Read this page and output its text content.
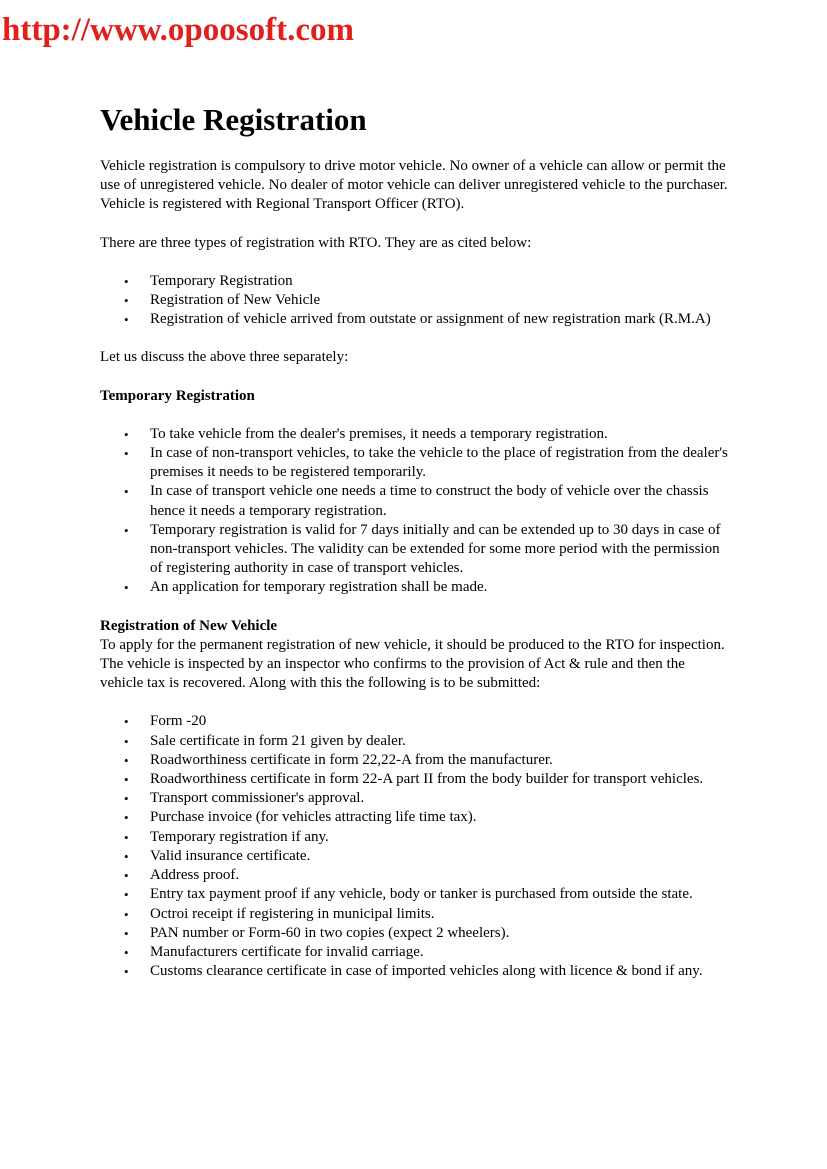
http://www.opoosoft.com
Vehicle Registration

Vehicle registration is compulsory to drive motor vehicle. No owner of a vehicle can allow or permit the use of unregistered vehicle. No dealer of motor vehicle can deliver unregistered vehicle to the purchaser. Vehicle is registered with Regional Transport Officer (RTO).

There are three types of registration with RTO. They are as cited below:

• Temporary Registration
• Registration of New Vehicle
• Registration of vehicle arrived from outstate or assignment of new registration mark (R.M.A)

Let us discuss the above three separately:

Temporary Registration
• To take vehicle from the dealer's premises, it needs a temporary registration.
• In case of non-transport vehicles, to take the vehicle to the place of registration from the dealer's premises it needs to be registered temporarily.
• In case of transport vehicle one needs a time to construct the body of vehicle over the chassis hence it needs a temporary registration.
• Temporary registration is valid for 7 days initially and can be extended up to 30 days in case of non-transport vehicles. The validity can be extended for some more period with the permission of registering authority in case of transport vehicles.
• An application for temporary registration shall be made.
Registration of New Vehicle

To apply for the permanent registration of new vehicle, it should be produced to the RTO for inspection. The vehicle is inspected by an inspector who confirms to the provision of Act & rule and then the vehicle tax is recovered. Along with this the following is to be submitted:

• Form -20
• Sale certificate in form 21 given by dealer.
• Roadworthiness certificate in form 22,22-A from the manufacturer.
• Roadworthiness certificate in form 22-A part II from the body builder for transport vehicles.
• Transport commissioner's approval.
• Purchase invoice (for vehicles attracting life time tax).
• Temporary registration if any.
• Valid insurance certificate.
• Address proof.
• Entry tax payment proof if any vehicle, body or tanker is purchased from outside the state.
• Octroi receipt if registering in municipal limits.
• PAN number or Form-60 in two copies (expect 2 wheelers).
• Manufacturers certificate for invalid carriage.
• Customs clearance certificate in case of imported vehicles along with licence & bond if any.
